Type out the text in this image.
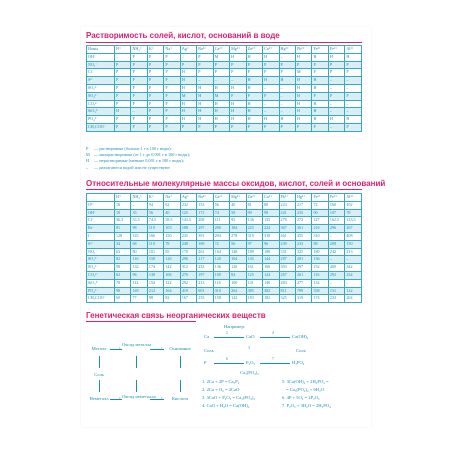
Растворимость солей, кислот, оснований в воде
Ионы	H⁺	NH₄⁺	K⁺	Na⁺	Ag⁺	Ba²⁺	Ca²⁺	Mg²⁺	Zn²⁺	Cu²⁺	Hg²⁺	Pb²⁺	Fe²⁺	Fe³⁺	Al³⁺
OH⁻	–	Р	Р	Р	–	Р	М	Н	Н	Н	–	Н	Н	Н	Н
NO₃⁻	Р	Р	Р	Р	Р	Р	Р	Р	Р	Р	Р	Р	Р	Р	Р
Cl⁻	Р	Р	Р	Р	Н	Р	Р	Р	Р	Р	Р	М	Р	Р	Р
S²⁻	Р	Р	Р	Р	Н	–	–	–	Н	Н	Н	Н	Н	–	–
SO₃²⁻	Р	Р	Р	Р	Н	Н	Н	Н	Н	–	–	Н	Н	–	–
SO₄²⁻	Р	Р	Р	Р	М	Н	М	Р	Р	Р	–	Н	Р	Р	Р
CO₃²⁻	Р	Р	Р	Р	Н	Н	Н	Н	Н	–	–	Н	Н	–	–
SiO₃²⁻	Н	–	Р	Р	Н	Н	Н	Н	Н	–	–	Н	Н	–	–
PO₄³⁻	Р	Р	Р	Р	Н	Н	Н	Н	Н	Н	Н	Н	Н	Н	Н
CH₃COO⁻	Р	Р	Р	Р	Р	Р	Р	Р	Р	Р	Р	Р	Р	–	Р
Р — растворимые (больше 1 г в 100 г воды);
М — малорастворимые (от 1 г до 0,001 г в 100 г воды);
Н — нерастворимые (меньше 0,001 г в 100 г воды);
– — разлагаются водой или не существуют
Относительные молекулярные массы оксидов, кислот, солей и оснований
	H⁺	NH₄⁺	K⁺	Na⁺	Ag⁺	Ba²⁺	Ca²⁺	Mg²⁺	Zn²⁺	Cu²⁺	Pb²⁺	Hg²⁺	Fe²⁺	Fe³⁺	Al³⁺
O²⁻	18	–	94	62	232	153	56	40	81	80	223	217	72	160	102
OH⁻	18	35	56	40	125	171	74	58	99	98	241	235	90	107	78
Cl⁻	36,5	53,5	74,5	58,5	143,5	208	111	95	136	135	278	272	127	162,5	133,5
Br⁻	81	98	119	103	188	297	200	184	225	224	367	361	216	296	267
I⁻	128	145	166	150	235	391	294	278	319	318	461	455	310	–	408
S²⁻	34	68	110	78	248	169	72	56	97	96	239	233	88	208	150
NO₃⁻	63	80	101	85	170	261	164	148	189	188	331	325	180	242	213
SO₃²⁻	82	116	158	126	296	217	120	104	145	144	287	281	136	–	–
SO₄²⁻	98	132	174	142	312	233	136	120	161	160	303	297	152	400	342
CO₃²⁻	62	96	138	106	276	197	100	84	125	124	267	261	116	292	234
SiO₃²⁻	78	112	154	122	292	213	116	100	141	140	283	277	132	–	–
PO₄³⁻	98	149	212	164	419	601	310	262	385	382	811	799	358	151	122
CH₃COO⁻	60	77	98	82	167	255	158	142	183	182	325	319	174	233	204
Генетическая связь неорганических веществ
Металл
Оксид металла
Основание
›	›
Соль
Неметалл	Оксид неметалла	Кислота
›	›
Например:
Ca
2
CaO
4
Ca(OH)₂
Соль	3	Соль
P
6
P₂O₅
7
H₃PO₄
Ca₃(PO₄)₂
1. 2Ca + 2P = Ca₃P₂
2. 2Ca + O₂ = 2CaO
3. 3CaO + P₂O₅ = Ca₃(PO₄)₂
4. CaO + H₂O = Ca(OH)₂
5. 3Ca(OH)₂ + 2H₃PO₄ =
= Ca₃(PO₄)₂ + 6H₂O
6. 4P + 5O₂ = 2P₂O₅
7. P₂O₅ + 3H₂O = 2H₃PO₄
